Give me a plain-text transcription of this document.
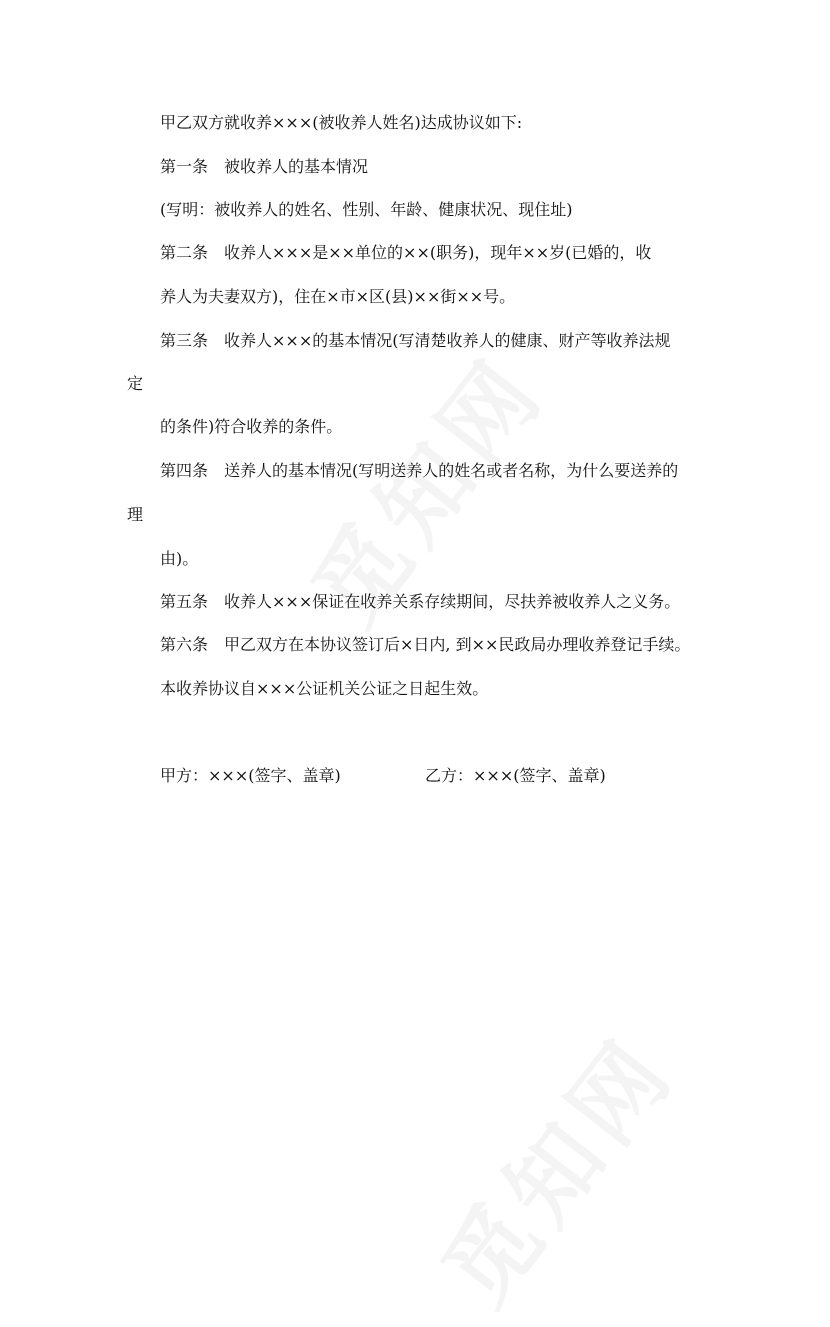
甲乙双方就收养×××(被收养人姓名)达成协议如下:
第一条　被收养人的基本情况
(写明：被收养人的姓名、性别、年龄、健康状况、现住址)
第二条　收养人×××是××单位的××(职务)，现年××岁(已婚的，收
养人为夫妻双方)，住在×市×区(县)××街××号。
第三条　收养人×××的基本情况(写清楚收养人的健康、财产等收养法规
定
的条件)符合收养的条件。
第四条　送养人的基本情况(写明送养人的姓名或者名称，为什么要送养的
理
由)。
第五条　收养人×××保证在收养关系存续期间，尽扶养被收养人之义务。
第六条　甲乙双方在本协议签订后×日内, 到××民政局办理收养登记手续。
本收养协议自×××公证机关公证之日起生效。
甲方：×××(签字、盖章)	乙方：×××(签字、盖章)
